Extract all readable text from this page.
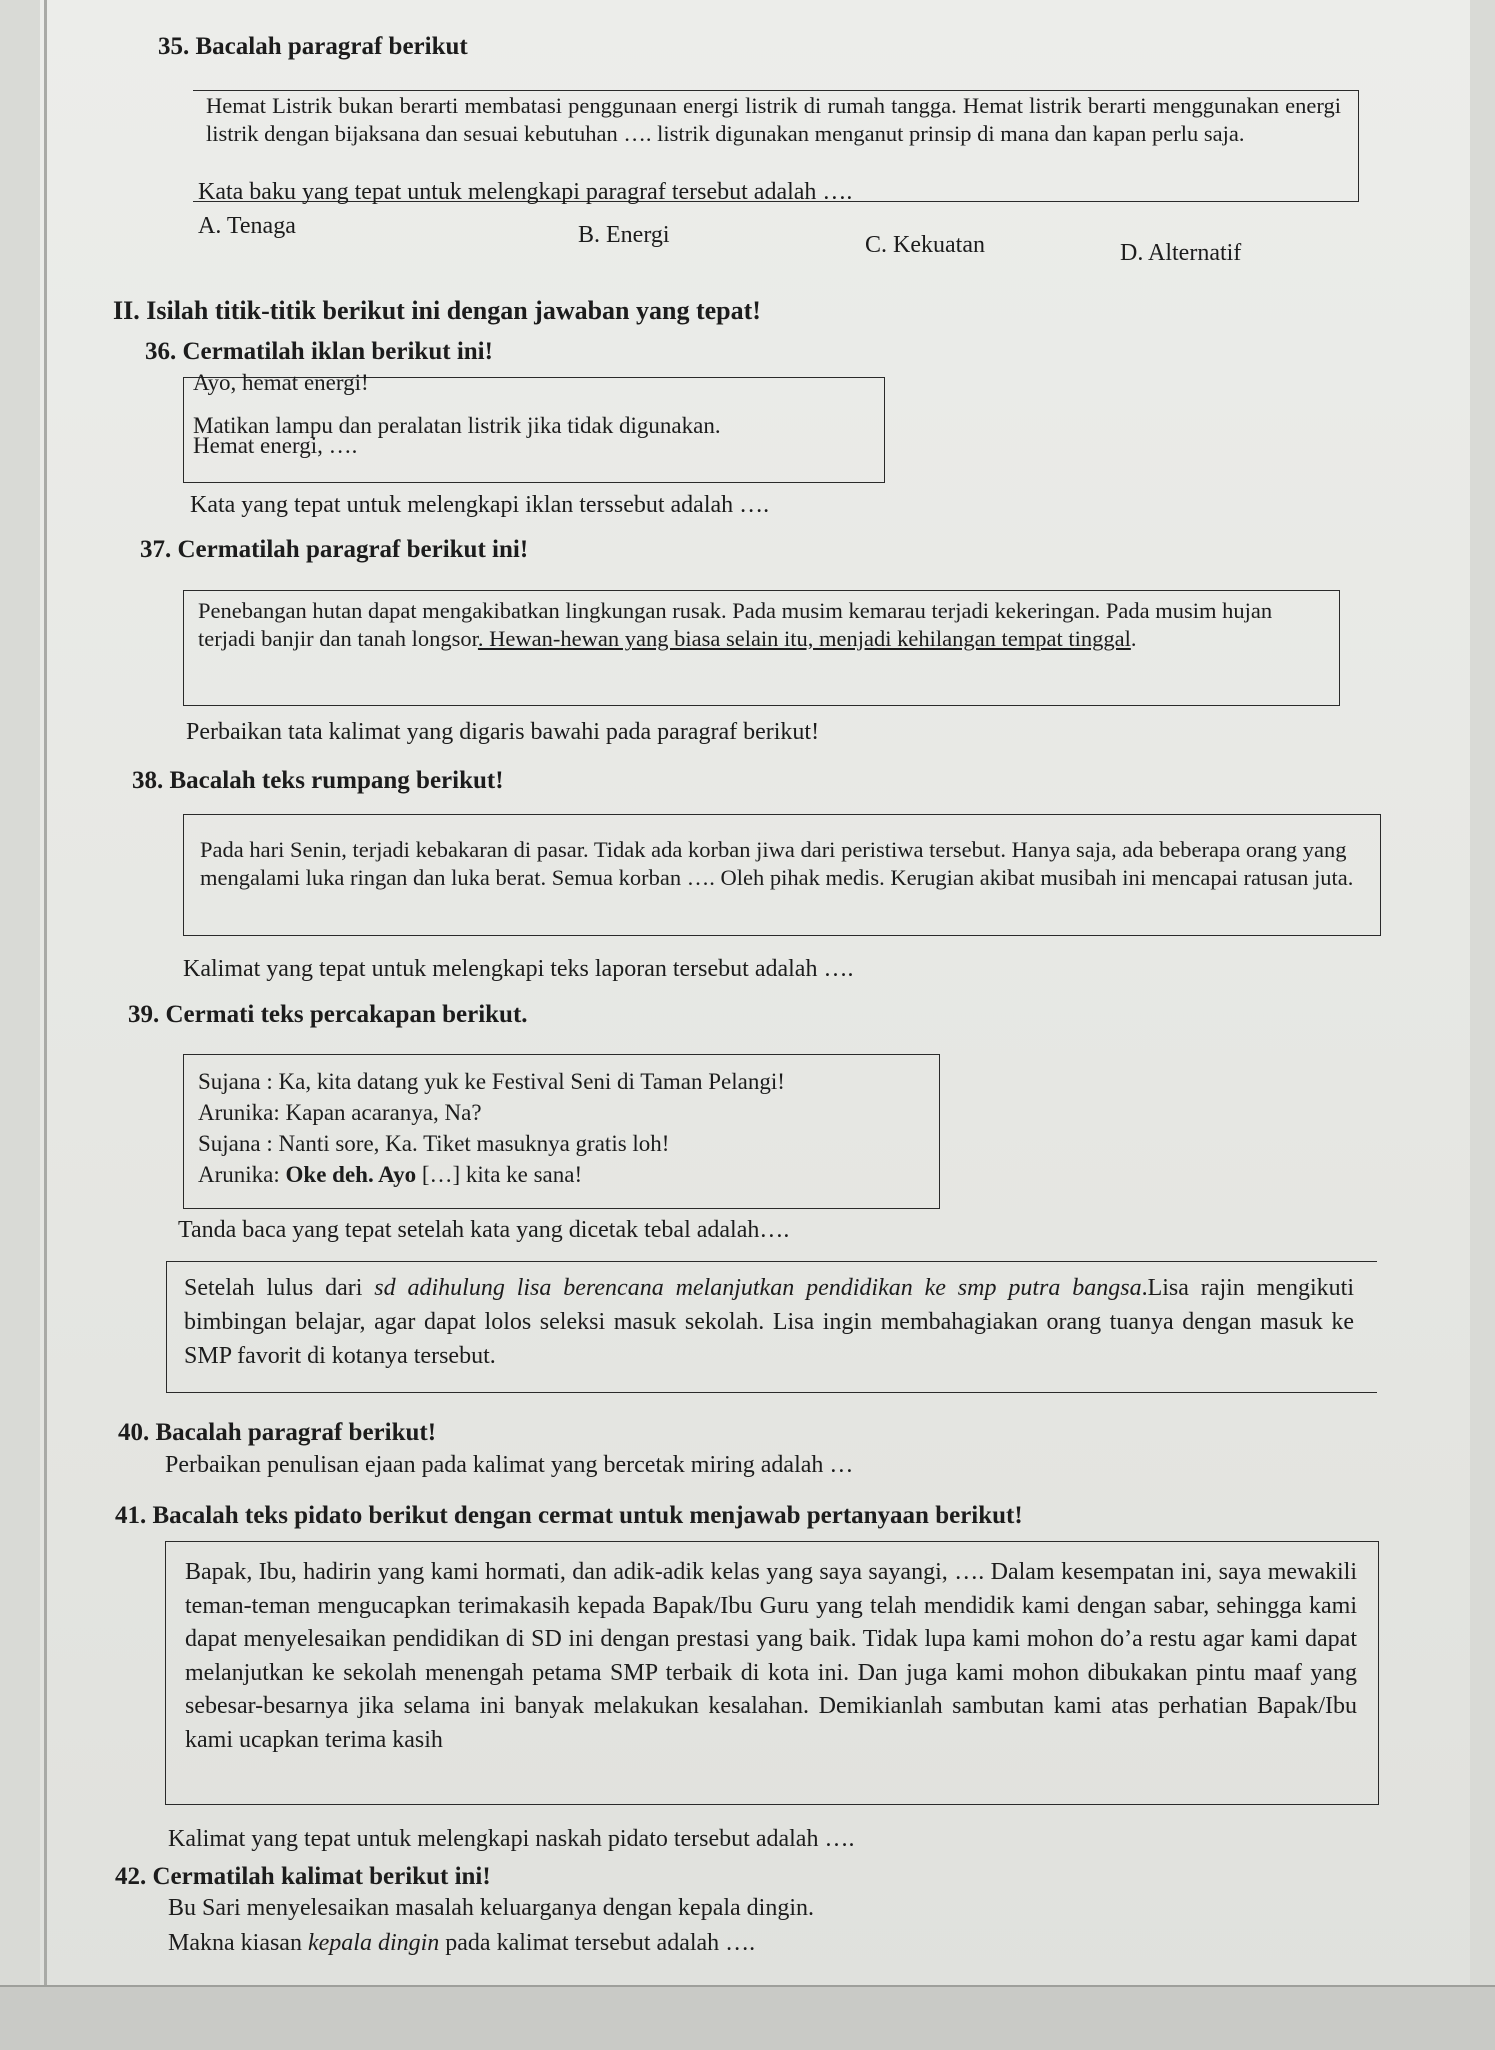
35. Bacalah paragraf berikut
Hemat Listrik bukan berarti membatasi penggunaan energi listrik di rumah tangga. Hemat listrik berarti menggunakan energi listrik dengan bijaksana dan sesuai kebutuhan …. listrik digunakan menganut prinsip di mana dan kapan perlu saja.
Kata baku yang tepat untuk melengkapi paragraf tersebut adalah ….
A. Tenaga	B. Energi	C. Kekuatan	D. Alternatif
II. Isilah titik-titik berikut ini dengan jawaban yang tepat!
36. Cermatilah iklan berikut ini!
Ayo, hemat energi!
Matikan lampu dan peralatan listrik jika tidak digunakan.
Hemat energi, ….
Kata yang tepat untuk melengkapi iklan terssebut adalah ….
37. Cermatilah paragraf berikut ini!
Penebangan hutan dapat mengakibatkan lingkungan rusak. Pada musim kemarau terjadi kekeringan. Pada musim hujan terjadi banjir dan tanah longsor. Hewan-hewan yang biasa selain itu, menjadi kehilangan tempat tinggal.
Perbaikan tata kalimat yang digaris bawahi pada paragraf berikut!
38. Bacalah teks rumpang berikut!
Pada hari Senin, terjadi kebakaran di pasar. Tidak ada korban jiwa dari peristiwa tersebut. Hanya saja, ada beberapa orang yang mengalami luka ringan dan luka berat. Semua korban …. Oleh pihak medis. Kerugian akibat musibah ini mencapai ratusan juta.
Kalimat yang tepat untuk melengkapi teks laporan tersebut adalah ….
39. Cermati teks percakapan berikut.
Sujana : Ka, kita datang yuk ke Festival Seni di Taman Pelangi!
Arunika: Kapan acaranya, Na?
Sujana : Nanti sore, Ka. Tiket masuknya gratis loh!
Arunika: Oke deh. Ayo […] kita ke sana!
Tanda baca yang tepat setelah kata yang dicetak tebal adalah….
Setelah lulus dari sd adihulung lisa berencana melanjutkan pendidikan ke smp putra bangsa.Lisa rajin mengikuti bimbingan belajar, agar dapat lolos seleksi masuk sekolah. Lisa ingin membahagiakan orang tuanya dengan masuk ke SMP favorit di kotanya tersebut.
40. Bacalah paragraf berikut!
Perbaikan penulisan ejaan pada kalimat yang bercetak miring adalah …
41. Bacalah teks pidato berikut dengan cermat untuk menjawab pertanyaan berikut!
Bapak, Ibu, hadirin yang kami hormati, dan adik-adik kelas yang saya sayangi, …. Dalam kesempatan ini, saya mewakili teman-teman mengucapkan terimakasih kepada Bapak/Ibu Guru yang telah mendidik kami dengan sabar, sehingga kami dapat menyelesaikan pendidikan di SD ini dengan prestasi yang baik. Tidak lupa kami mohon do’a restu agar kami dapat melanjutkan ke sekolah menengah petama SMP terbaik di kota ini. Dan juga kami mohon dibukakan pintu maaf yang sebesar-besarnya jika selama ini banyak melakukan kesalahan. Demikianlah sambutan kami atas perhatian Bapak/Ibu kami ucapkan terima kasih
Kalimat yang tepat untuk melengkapi naskah pidato tersebut adalah ….
42. Cermatilah kalimat berikut ini!
Bu Sari menyelesaikan masalah keluarganya dengan kepala dingin.
Makna kiasan kepala dingin pada kalimat tersebut adalah ….
